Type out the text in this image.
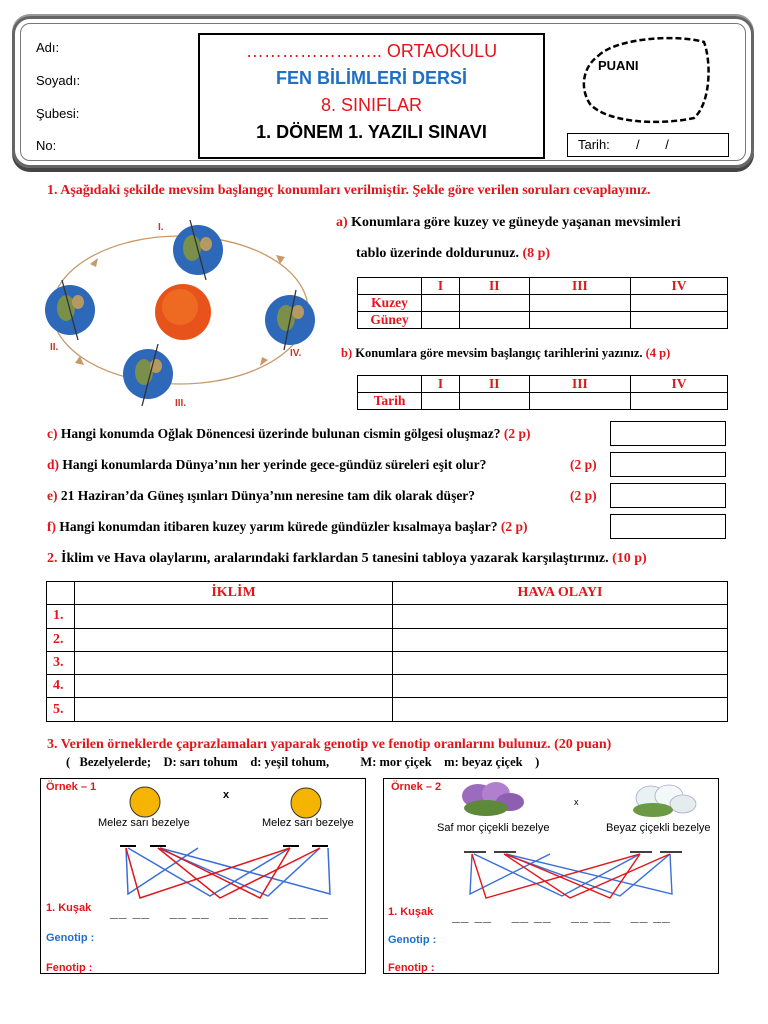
Adı:
Soyadı:
Şubesi:
No:
………………….. ORTAOKULU
FEN BİLİMLERİ DERSİ
8. SINIFLAR
1. DÖNEM 1. YAZILI SINAVI
PUANI
Tarih:	/ /
1. Aşağıdaki şekilde mevsim başlangıç konumları verilmiştir. Şekle göre verilen soruları cevaplayınız.
I.
II.
III.
IV.
a) Konumlara göre kuzey ve güneyde yaşanan mevsimleri
tablo üzerinde doldurunuz. (8 p)
	I	II	III	IV
Kuzey				
Güney				
b) Konumlara göre mevsim başlangıç tarihlerini yazınız. (4 p)
	I	II	III	IV
Tarih				
c) Hangi konumda Oğlak Dönencesi üzerinde bulunan cismin gölgesi oluşmaz? (2 p)
d) Hangi konumlarda Dünya’nın her yerinde gece-gündüz süreleri eşit olur?	(2 p)
e) 21 Haziran’da Güneş ışınları Dünya’nın neresine tam dik olarak düşer?	(2 p)
f) Hangi konumdan itibaren kuzey yarım kürede gündüzler kısalmaya başlar? (2 p)
2. İklim ve Hava olaylarını, aralarındaki farklardan 5 tanesini tabloya yazarak karşılaştırınız. (10 p)
	İKLİM	HAVA OLAYI
1.		
2.		
3.		
4.		
5.		
3. Verilen örneklerde çaprazlamaları yaparak genotip ve fenotip oranlarını bulunuz. (20 puan)
(   Bezelyelerde;    D: sarı tohum    d: yeşil tohum,          M: mor çiçek    m: beyaz çiçek    )
Örnek – 1
x
Melez sarı bezelye	Melez sarı bezelye
1. Kuşak __ __    __ __    __ __    __ __
Genotip :
Fenotip :
Örnek – 2
x
Saf mor çiçekli bezelye	Beyaz çiçekli bezelye
1. Kuşak __ __    __ __    __ __    __ __
Genotip :
Fenotip :
